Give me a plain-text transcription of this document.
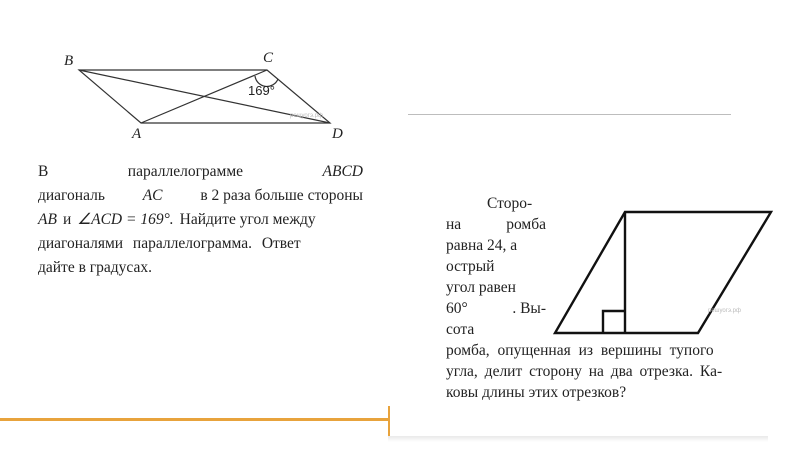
B	C
A	D
169°
решуогэ.рф
В	параллелограмме	ABCD
диагональ AC в 2 раза больше стороны
AB и ∠ACD = 169°. Найдите угол между
диагоналями параллелограмма. Ответ
дайте в градусах.
решуогэ.рф
Сторо-
на	ромба
равна 24, а
острый
угол равен
60°	. Вы-
сота
ромба, опущенная из вершины тупого
угла, делит сторону на два отрезка. Ка-
ковы длины этих отрезков?
